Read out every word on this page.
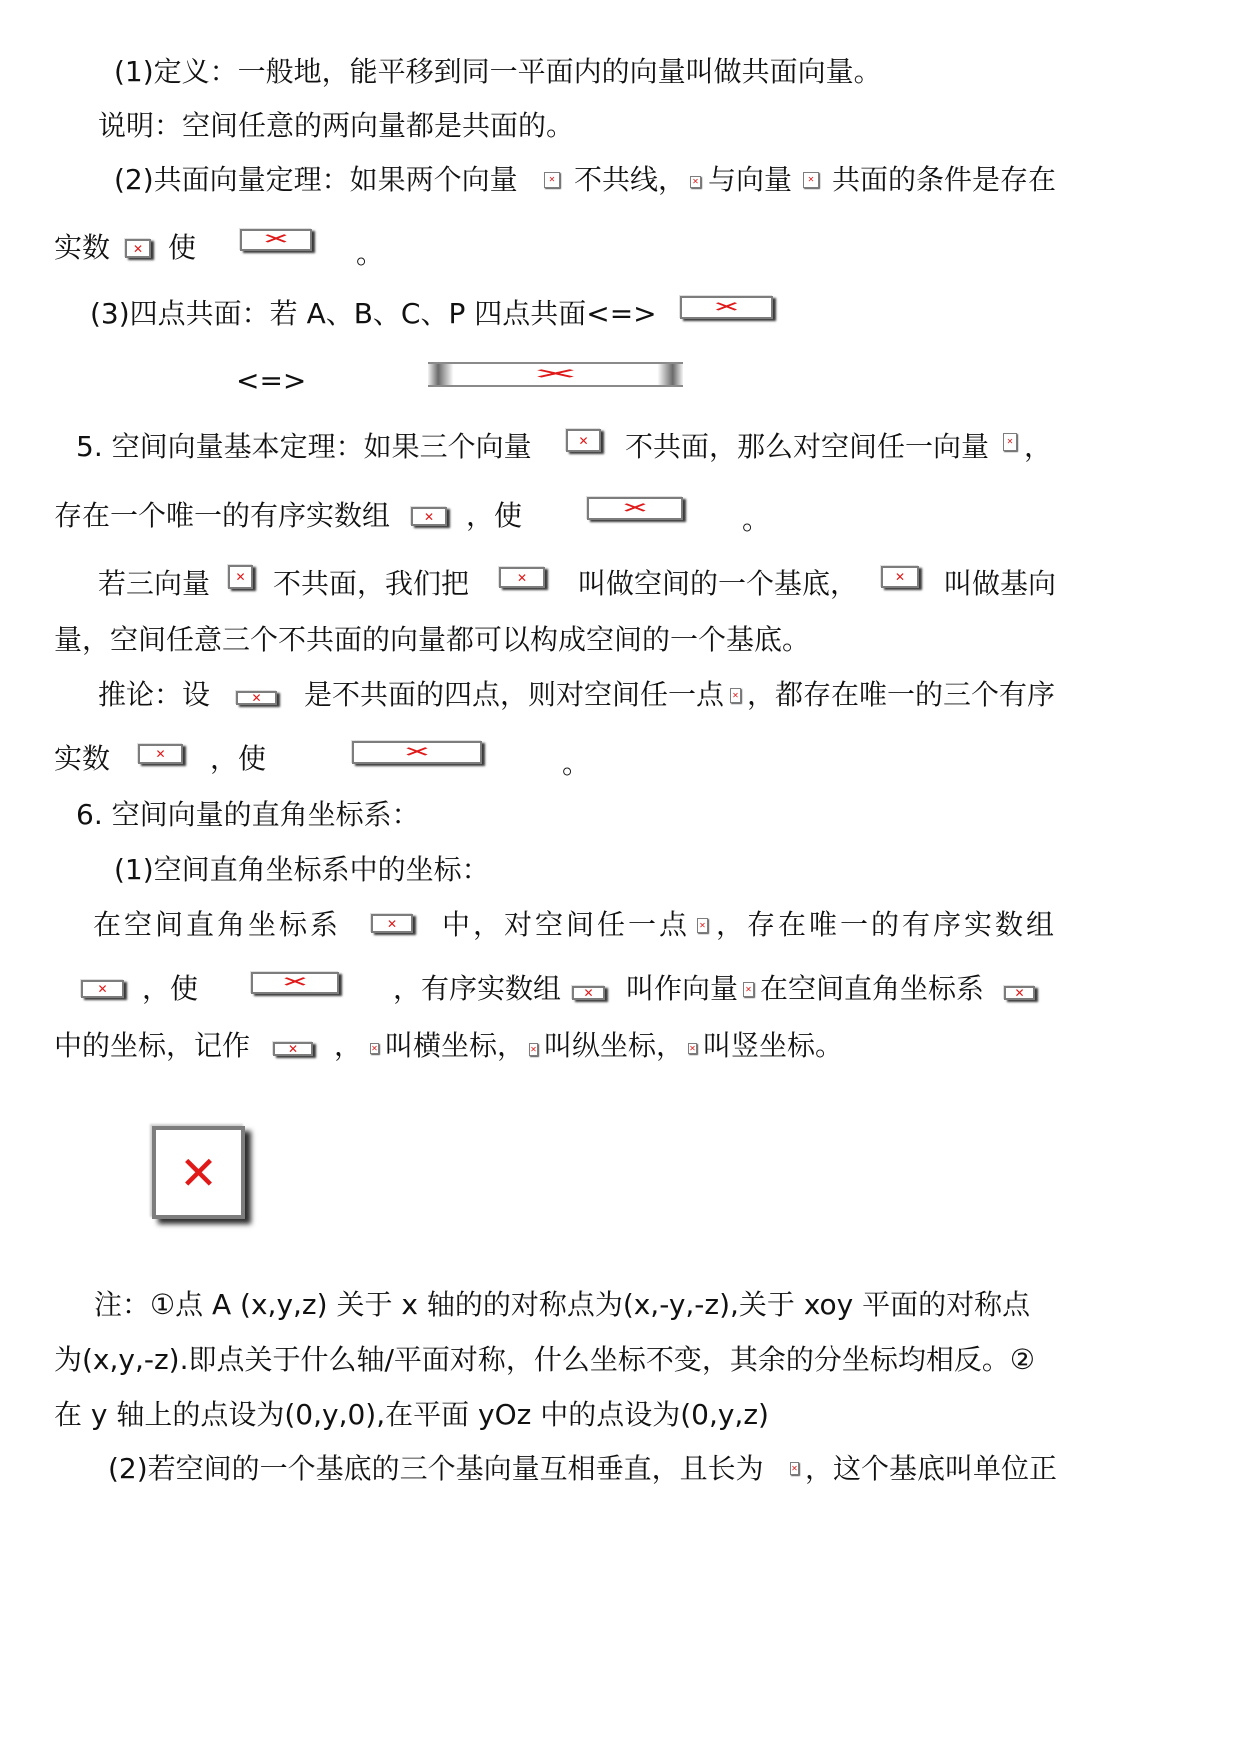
(1)定义：一般地，能平移到同一平面内的向量叫做共面向量。
说明：空间任意的两向量都是共面的。
(2)共面向量定理：如果两个向量 ✕ 不共线， ✕ 与向量 ✕ 共面的条件是存在
实数 ✕ 使 ✕	。
(3)四点共面：若 A、B、C、P 四点共面<=>
✕
✕
5. 空间向量基本定理：如果三个向量 ✕	不共面，那么对空间任一向量 ✕ ，
存在一个唯一的有序实数组 ✕	，使 ✕	。
若三向量 ✕ 不共面，我们把 ✕	叫做空间的一个基底， ✕	叫做基向
量，空间任意三个不共面的向量都可以构成空间的一个基底。
推论：设 ✕	是不共面的四点，则对空间任一点 ✕ ，都存在唯一的三个有序
实数 ✕	，使 ✕	。
6. 空间向量的直角坐标系：
(1)空间直角坐标系中的坐标：
在空间直角坐标系 ✕	中，对空间任一点 ✕ ，存在唯一的有序实数组
✕
，使 ✕	，有序实数组 ✕ 叫作向量 ✕ 在空间直角坐标系
✕
中的坐标，记作 ✕	， ✕ 叫横坐标， ✕ 叫纵坐标， ✕ 叫竖坐标。
✕
注：①点 A (x,y,z) 关于 x 轴的的对称点为(x,-y,-z),关于 xoy 平面的对称点
为(x,y,-z).即点关于什么轴/平面对称，什么坐标不变，其余的分坐标均相反。②
在 y 轴上的点设为(0,y,0),在平面 yOz 中的点设为(0,y,z)
(2)若空间的一个基底的三个基向量互相垂直，且长为 ✕ ，这个基底叫单位正
